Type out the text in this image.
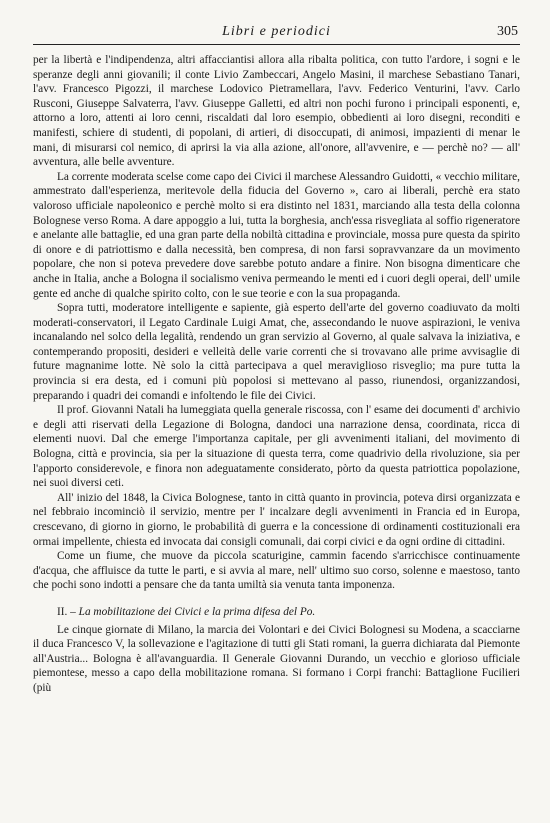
Libri e periodici	305

per la libertà e l'indipendenza, altri affacciantisi allora alla ribalta politica, con tutto l'ardore, i sogni e le speranze degli anni giovanili; il conte Livio Zambeccari, Angelo Masini, il marchese Sebastiano Tanari, l'avv. Francesco Pigozzi, il marchese Lodovico Pietramellara, l'avv. Federico Venturini, l'avv. Carlo Rusconi, Giuseppe Salvaterra, l'avv. Giuseppe Galletti, ed altri non pochi furono i principali esponenti, e, attorno a loro, attenti ai loro cenni, riscaldati dal loro esempio, obbedienti ai loro disegni, reconditi e manifesti, schiere di studenti, di popolani, di artieri, di disoccupati, di animosi, impazienti di menar le mani, di misurarsi col nemico, di aprirsi la via alla azione, all'onore, all'avvenire, e — perchè no? — all' avventura, alle belle avventure.

La corrente moderata scelse come capo dei Civici il marchese Alessandro Guidotti, « vecchio militare, ammestrato dall'esperienza, meritevole della fiducia del Governo », caro ai liberali, perchè era stato valoroso ufficiale napoleonico e perchè molto si era distinto nel 1831, marciando alla testa della colonna Bolognese verso Roma. A dare appoggio a lui, tutta la borghesia, anch'essa risvegliata al soffio rigeneratore e anelante alle battaglie, ed una gran parte della nobiltà cittadina e provinciale, mossa pure questa da spirito di onore e di patriottismo e dalla necessità, ben compresa, di non farsi sopravvanzare da un movimento popolare, che non si poteva prevedere dove sarebbe potuto andare a finire. Non bisogna dimenticare che anche in Italia, anche a Bologna il socialismo veniva permeando le menti ed i cuori degli operai, dell' umile gente ed anche di qualche spirito colto, con le sue teorie e con la sua propaganda.

Sopra tutti, moderatore intelligente e sapiente, già esperto dell'arte del governo coadiuvato da molti moderati-conservatori, il Legato Cardinale Luigi Amat, che, assecondando le nuove aspirazioni, le veniva incanalando nel solco della legalità, rendendo un gran servizio al Governo, al quale salvava la iniziativa, e contemperando propositi, desideri e velleità delle varie correnti che si trovavano alle prime avvisaglie di future magnanime lotte. Nè solo la città partecipava a quel meraviglioso risveglio; ma pure tutta la provincia si era desta, ed i comuni più popolosi si mettevano al passo, riunendosi, organizzandosi, preparando i quadri dei comandi e infoltendo le file dei Civici.

Il prof. Giovanni Natali ha lumeggiata quella generale riscossa, con l' esame dei documenti d' archivio e degli atti riservati della Legazione di Bologna, dandoci una narrazione densa, coordinata, ricca di elementi nuovi. Dal che emerge l'importanza capitale, per gli avvenimenti italiani, del movimento di Bologna, città e provincia, sia per la situazione di questa terra, come quadrivio della rivoluzione, sia per l'apporto considerevole, e finora non adeguatamente considerato, pòrto da questa patriottica popolazione, nei suoi diversi ceti.

All' inizio del 1848, la Civica Bolognese, tanto in città quanto in provincia, poteva dirsi organizzata e nel febbraio incominciò il servizio, mentre per l' incalzare degli avvenimenti in Francia ed in Europa, crescevano, di giorno in giorno, le probabilità di guerra e la concessione di ordinamenti costituzionali era ormai impellente, chiesta ed invocata dai consigli comunali, dai corpi civici e da ogni ordine di cittadini.

Come un fiume, che muove da piccola scaturigine, cammin facendo s'arricchisce continuamente d'acqua, che affluisce da tutte le parti, e si avvia al mare, nell' ultimo suo corso, solenne e maestoso, tanto che pochi sono indotti a pensare che da tanta umiltà sia venuta tanta imponenza.

II. – La mobilitazione dei Civici e la prima difesa del Po.

Le cinque giornate di Milano, la marcia dei Volontari e dei Civici Bolognesi su Modena, a scacciarne il duca Francesco V, la sollevazione e l'agitazione di tutti gli Stati romani, la guerra dichiarata dal Piemonte all'Austria... Bologna è all'avanguardia. Il Generale Giovanni Durando, un vecchio e glorioso ufficiale piemontese, messo a capo della mobilitazione romana. Si formano i Corpi franchi: Battaglione Fucilieri (più
